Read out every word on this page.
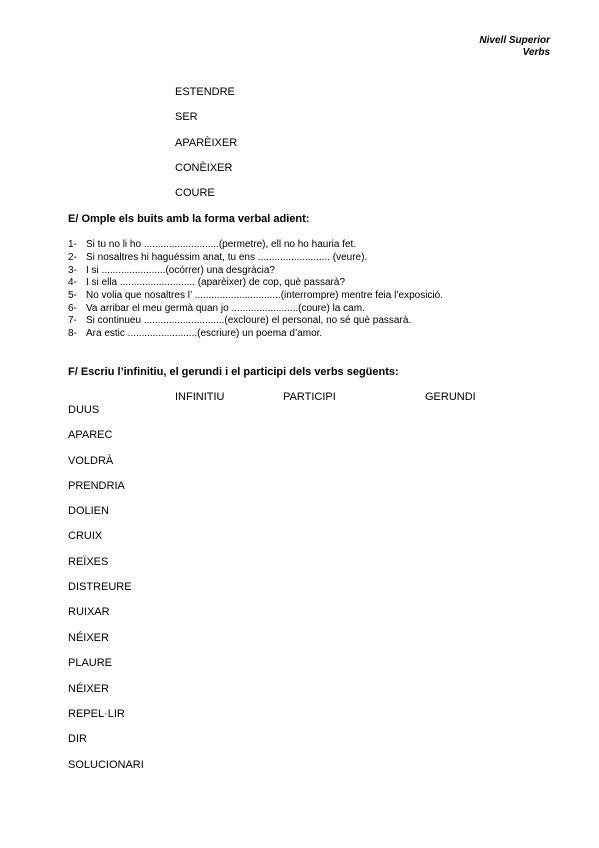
Nivell Superior
Verbs
ESTENDRE
SER
APARÈIXER
CONÈIXER
COURE
E/ Omple els buits amb la forma verbal adient:
1- Si tu no li ho ...........................(permetre), ell no ho hauria fet.
2- Si nosaltres hi haguéssim anat, tu ens .......................... (veure).
3- I si .......................(ocórrer) una desgràcia?
4- I si ella ........................... (aparèixer) de cop, què passarà?
5- No volia que nosaltres l’ ...............................(interrompre) mentre feia l’exposició.
6- Va arribar el meu germà quan jo ........................(coure) la cam.
7- Si continueu .............................(excloure) el personal, no sé què passarà.
8- Ara estic .........................(escriure) un poema d’amor.
F/ Escriu l’infinitiu, el gerundi i el participi dels verbs següents:
INFINITIU	PARTICIPI	GERUNDI
DUUS
APAREC
VOLDRÀ
PRENDRIA
DOLIEN
CRUIX
REÏXES
DISTREURE
RUIXAR
NÉIXER
PLAURE
NÉIXER
REPEL·LIR
DIR
SOLUCIONARI
